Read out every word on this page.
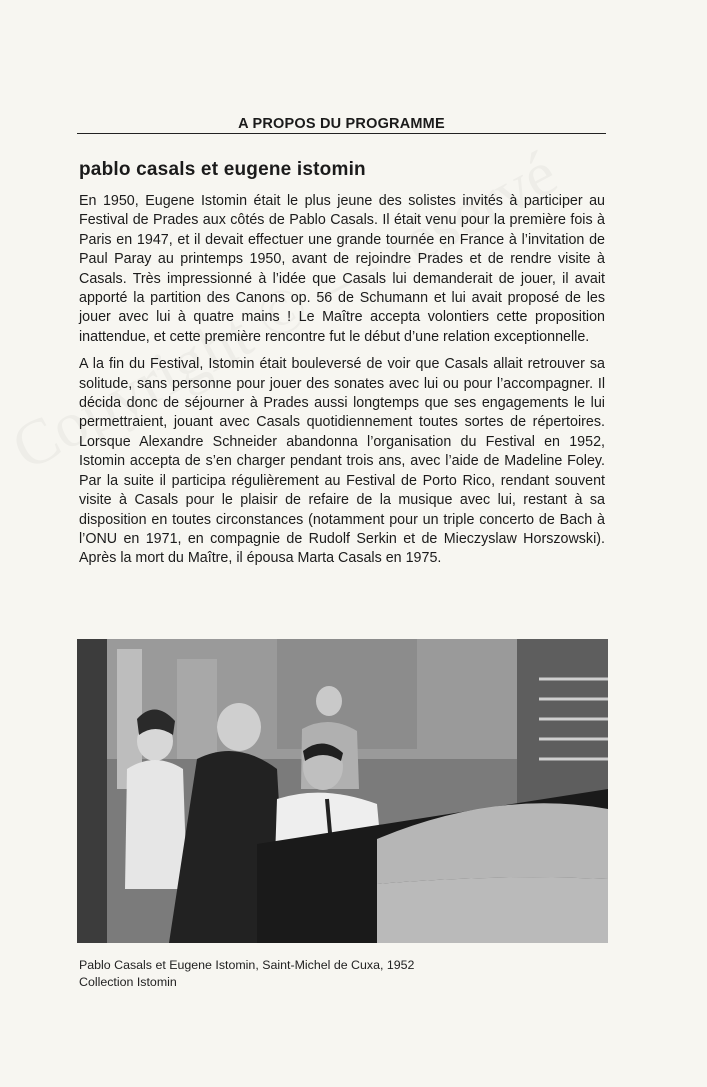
A PROPOS DU PROGRAMME
pablo casals et eugene istomin

En 1950, Eugene Istomin était le plus jeune des solistes invités à participer au Festival de Prades aux côtés de Pablo Casals. Il était venu pour la première fois à Paris en 1947, et il devait effectuer une grande tournée en France à l’invitation de Paul Paray au printemps 1950, avant de rejoindre Prades et de rendre visite à Casals. Très impressionné à l’idée que Casals lui demanderait de jouer, il avait apporté la partition des Canons op. 56 de Schumann et lui avait proposé de les jouer avec lui à quatre mains ! Le Maître accepta volontiers cette proposition inattendue, et cette première rencontre fut le début d’une relation exceptionnelle.

A la fin du Festival, Istomin était bouleversé de voir que Casals allait retrouver sa solitude, sans personne pour jouer des sonates avec lui ou pour l’accompagner. Il décida donc de séjourner à Prades aussi longtemps que ses engagements le lui permettraient, jouant avec Casals quotidiennement toutes sortes de répertoires. Lorsque Alexandre Schneider abandonna l’organisation du Festival en 1952, Istomin accepta de s’en charger pendant trois ans, avec l’aide de Madeline Foley. Par la suite il participa régulièrement au Festival de Porto Rico, rendant souvent visite à Casals pour le plaisir de refaire de la musique avec lui, restant à sa disposition en toutes circonstances (notamment pour un triple concerto de Bach à l’ONU en 1971, en compagnie de Rudolf Serkin et de Mieczyslaw Horszowski). Après la mort du Maître, il épousa Marta Casals en 1975.

Pablo Casals et Eugene Istomin, Saint-Michel de Cuxa, 1952
Collection Istomin
